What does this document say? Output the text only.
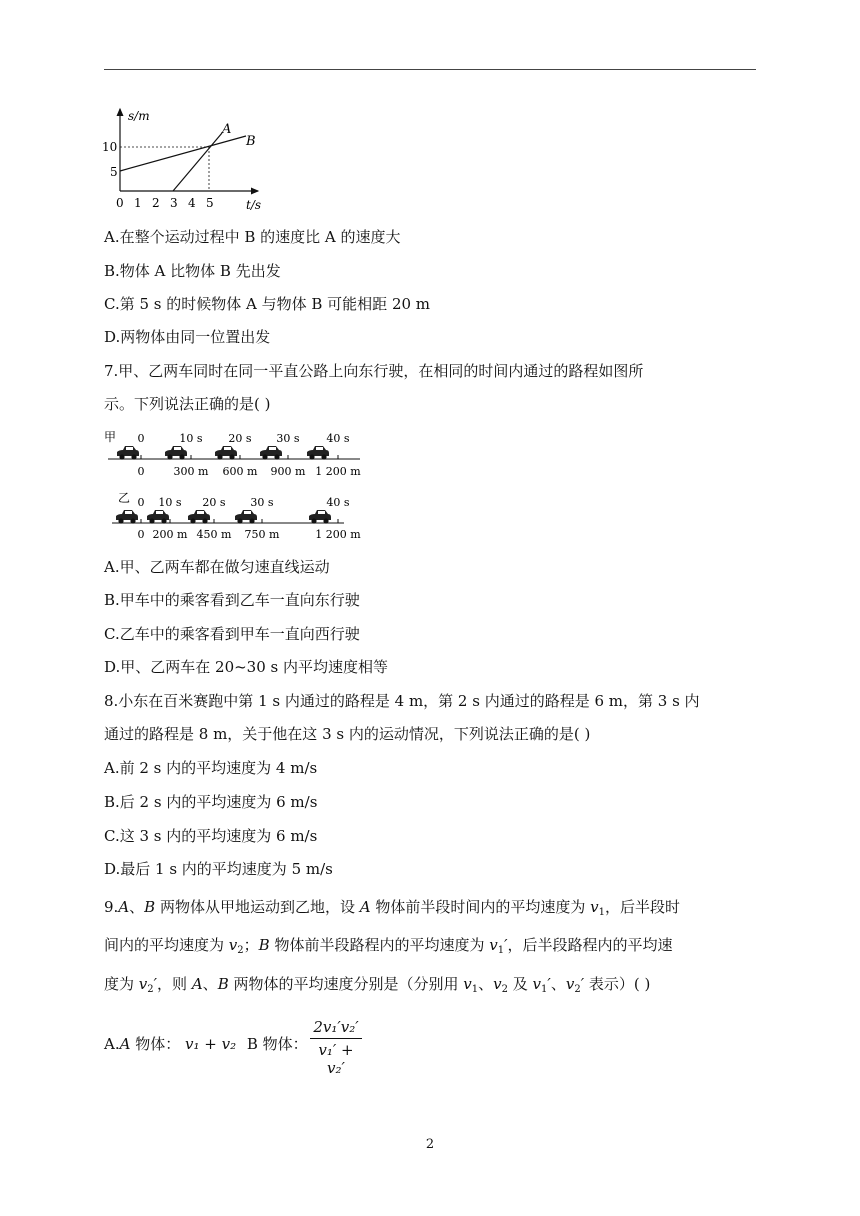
s/m
t/s
10
5
0 1 2 3 4 5
A
B
A.在整个运动过程中 B 的速度比 A 的速度大
B.物体 A 比物体 B 先出发
C.第 5 s 的时候物体 A 与物体 B 可能相距 20 m
D.两物体由同一位置出发
7.甲、乙两车同时在同一平直公路上向东行驶，在相同的时间内通过的路程如图所
示。下列说法正确的是( )
0
0
10 s
300 m
20 s
600 m
30 s
900 m
40 s
1 200 m
0
0
10 s
200 m
20 s
450 m
30 s
750 m
40 s
1 200 m
甲
乙
A.甲、乙两车都在做匀速直线运动
B.甲车中的乘客看到乙车一直向东行驶
C.乙车中的乘客看到甲车一直向西行驶
D.甲、乙两车在 20~30 s 内平均速度相等
8.小东在百米赛跑中第 1 s 内通过的路程是 4 m，第 2 s 内通过的路程是 6 m，第 3 s 内
通过的路程是 8 m，关于他在这 3 s 内的运动情况，下列说法正确的是( )
A.前 2 s 内的平均速度为 4 m/s
B.后 2 s 内的平均速度为 6 m/s
C.这 3 s 内的平均速度为 6 m/s
D.最后 1 s 内的平均速度为 5 m/s
9.A、B 两物体从甲地运动到乙地，设 A 物体前半段时间内的平均速度为 $v_1$，后半段时
间内的平均速度为 $v_2$；B 物体前半段路程内的平均速度为 $v_1'$，后半段路程内的平均速
度为 $v_2'$，则 A、B 两物体的平均速度分别是（分别用 $v_1$、$v_2$ 及 $v_1'$、$v_2'$ 表示）( )
A.A 物体： v₁ + v₂ B 物体： $\frac{\text{2v₁′v₂′}}{\text{v₁′ + v₂′}}$
2
